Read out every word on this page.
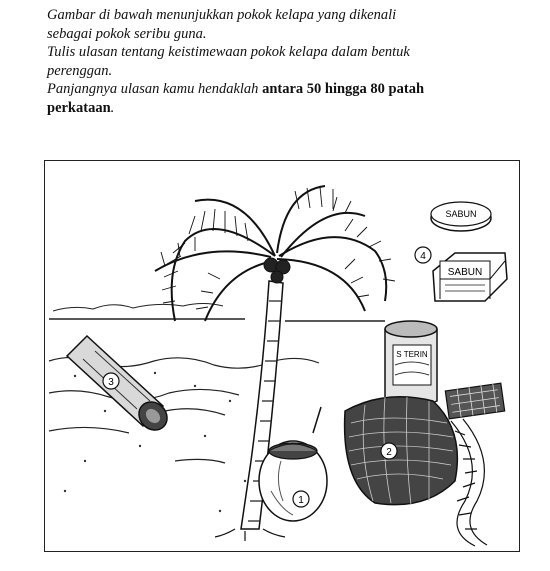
Gambar di bawah menunjukkan pokok kelapa yang dikenali

sebagai pokok seribu guna.

Tulis ulasan tentang keistimewaan pokok kelapa dalam bentuk

perenggan.

Panjangnya ulasan kamu hendaklah antara 50 hingga 80 patah

perkataan.

3
SABUN
4
SABUN
S TERIN
2
1
